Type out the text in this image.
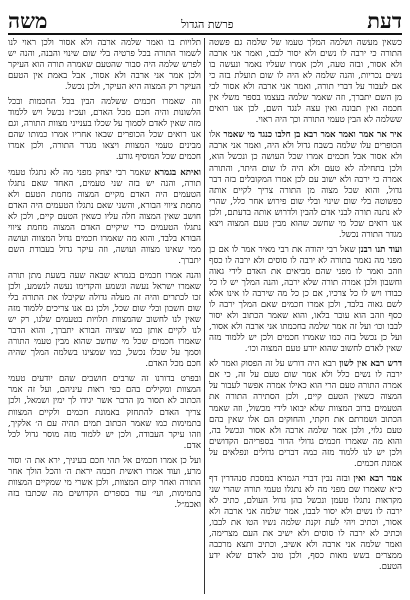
דעת
פרשת הגדול
משה

כשאין מעשה ושלמה המלך טעמו של שלמה גם פשטה התורה כי ירבה לו נשים ולא יסור לבבו, ואמר אני ארבה ולא אסור, ובזה טעה, ולכן אמרו שעליו נאמר ונעשה בו נשים נכריות, והנה שלמה לא היה לו שום תועלת בזה כי אם לעבור על דברי תורה, ואמר אני ארבה ולא אסור לבי מן השם יתברך, וזה שאמר שלמה בעצמו בספר משלי אין חכמה ואין תבונה ואין עצה לנגד השם, לכן אנו רואים ששלמה לא הבין טעמי התורה וכך היה ראוי.

איר אר אמר ואמר אמר רבא בן חלבו כנגד מי שאמר אלו הכופרים עלו שלמה בשבח גדול ולא היה, ואמר אני ארבה ולא אסור אבל חכמים אמרו שכל העושה כן ונכשל הוא, ולכן בתחילה לא טעם ולא היה לו שום היתר, והתורה אמרה כי ירבה ולא ישוב עם לכן אמרו המקובלים בזה דבר גדול, והוא שכל מצוה מן התורה צריך לקיים אותה כפשוטה בלי שום שינוי ובלי שום פירוש אחר כלל, שהרי לא נתנה תורה לבני אדם להבין ולדרוש אותה בדעתם, ולכן אנו רואים שכל מי שחשב שהוא מבין טעם המצוה ויצא מגדר התורה נכשל.

ועוד תנו רבנן שאל רבי יהודה את רבי מאיר אמר לו אם כן מפני מה נאמר בתורה לא ירבה לו סוסים ולא ירבה לו כסף וזהב ואמר לו מפני שהם מביאים את האדם לידי גאוה וחשבון ולכן אמרה תורה שלא ירבה, והנה המלך יש לו כל כבודו ויש לו כל צרכיו, אם כן כל מה שירבה לו אינו אלא לשם גאוה בלבד, ולכן אמרו חכמים שאם המלך ירבה לו כסף וזהב הוא עובר בלאו, והוא שאמר הכתוב ולא יסור לבבו וכו׳ ועל זה אמר שלמה בחכמתו אני ארבה ולא אסור, ועל כן נכשל בזה כמו שאמרו חכמים ולכן יש ללמוד מזה שאין לאדם לחשוב שהוא יודע טעם המצוה וכו׳.

דרש רבא אין לשון רבא היה דורש על זה הפסוק ואמר לא ירבה לו נשים כלל ולא אמר שום טעם על זה, כי אם אמרה התורה טעם הרי הוא כאילו אמרה אפשר לעבור על המצוה כשאין הטעם קיים, ולכן הסתירה התורה את הטעמים ברוב המצוות שלא יבואו לידי מכשול, וזה שאמר הכתוב ושמרתם את חקתי, והחוקים הם אלו שאין בהם טעם גלוי, ולכן אמר שלמה ארבה ולא אסור ונכשל בה, והוא מה שאמרו חכמים גדולי הדור בספריהם הקדושים ולכן יש לנו ללמוד מזה כמה דברים גדולים ונפלאים על אמונת חכמים.

אמר רבא ואין ובזה נבין דברי הגמרא במסכת סנהדרין דף כ״א שאמרו שם מפני מה לא נתגלו טעמי תורה שהרי שני מקראות נתגלו טעמן ונכשל בהן גדול העולם, כתיב לא ירבה לו נשים ולא יסור לבבו, אמר שלמה אני ארבה ולא אסור, וכתיב ויהי לעת זקנת שלמה נשיו הטו את לבבו, וכתיב לא ירבה לו סוסים ולא ישיב את העם מצרימה, ואמר שלמה אני ארבה ולא אשיב, וכתיב ותצא מרכבה ממצרים בשש מאות כסף, ולכן טוב לאדם שלא ידע הטעם.

תלויות בו ואמר שלמה ארבה ולא אסור ולכן ראוי לנו לשמור התורה בכל פרטיה בלי שום שינוי והבנה, והנה יש לפרש שלמה היה סבור שהטעם שאמרה תורה הוא העיקר ולכן אמר אני ארבה ולא אסור, אבל באמת אין הטעם העיקר רק המצוה היא העיקר, ולכן נכשל.

וזה שאמרו חכמים ששלמה הבין בכל החכמות ובכל הלשונות והיה חכם מכל האדם, ועכ״ז נכשל ויש ללמוד מזה שאין לאדם לסמוך על שכלו בענייני מצוות התורה, וגם אנו רואים שכל הכופרים שבאו אחריו אמרו כמותו שהם מבינים טעמי המצוות ויצאו מגדר התורה, ולכן אמרו חכמים שכל המוסיף גורע.

ואיתא בגמרא שאמר רבי יצחק מפני מה לא נתגלו טעמי תורה, והנה יש בזה שני טעמים, האחד שאם נתגלו הטעמים היה האדם מקיים המצוה מחמת הטעם ולא מחמת ציווי הבורא, והשני שאם נתגלו הטעמים היה האדם חושב שאין המצוה חלה עליו כשאין הטעם קיים, ולכן לא נתגלו הטעמים כדי שיקיים האדם המצוה מחמת ציווי הבורא בלבד, והוא מה שאמרו חכמים גדול המצווה ועושה ממי שאינו מצווה ועושה, וזה עיקר גדול בעבודת השם יתברך.

והנה אמרו חכמים בגמרא שבאה שעה בשעת מתן תורה שאמרו ישראל נעשה ונשמע והקדימו נעשה לנשמע, ולכן זכו לכתרים והיה זה מעלה גדולה שקיבלו את התורה בלי שום חשבון ובלי שום שכל, ולכן גם אנו צריכים ללמוד מזה שאין לנו לחשוב שהמצוות תלויות בטעמים שלנו, רק יש לנו לקיים אותן כמו שציוה הבורא יתברך, והוא הדבר שאמרו חכמים שכל מי שחשב שהוא מבין טעמי התורה וסמך על שכלו נכשל, כמו שמצינו בשלמה המלך שהיה חכם מכל האדם.

ובפרט בדורנו זה שרבים חושבים שהם יודעים טעמי המצוות ומקילים בהם כפי ראות עיניהם, ועל זה אמר הכתוב לא תסור מן הדבר אשר יגידו לך ימין ושמאל, ולכן צריך האדם להתחזק באמונת חכמים ולקיים המצוות בתמימות כמו שאמר הכתוב תמים תהיה עם ה׳ אלקיך, וזהו עיקר העבודה, ולכן יש ללמוד מזה מוסר גדול לכל אדם.

ועל כן אמרו חכמים אל תהי חכם בעיניך, ירא את ה׳ וסור מרע, ועוד אמרו ראשית חכמה יראת ה׳ והכל הולך אחר התורה ואחר קיום המצוות, ולכן אשרי מי שמקיים המצוות בתמימות, ועי׳ עוד בספרים הקדושים מה שכתבו בזה ואכמ״ל.
